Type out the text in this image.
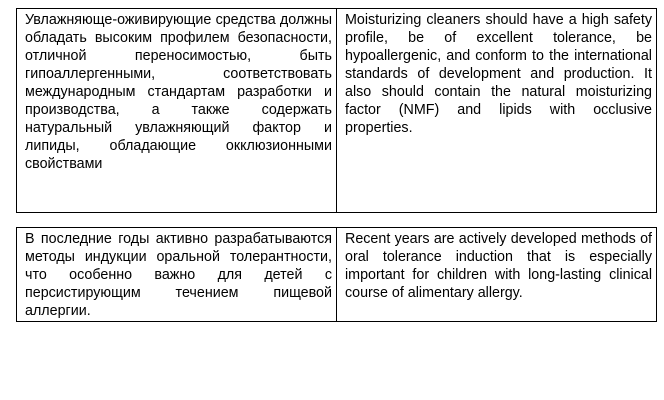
Увлажняюще-оживирующие средства должны обладать высоким профилем безопасности, отличной переносимостью, быть гипоаллергенными, соответствовать международным стандартам разработки и производства, а также содержать натуральный увлажняющий фактор и липиды, обладающие окклюзионными свойствами	Moisturizing cleaners should have a high safety profile, be of excellent tolerance, be hypoallergenic, and conform to the international standards of development and production. It also should contain the natural moisturizing factor (NMF) and lipids with occlusive properties.
В последние годы активно разрабатываются методы индукции оральной толерантности, что особенно важно для детей с персистирующим течением пищевой аллергии.	Recent years are actively developed methods of oral tolerance induction that is especially important for children with long-lasting clinical course of alimentary allergy.
